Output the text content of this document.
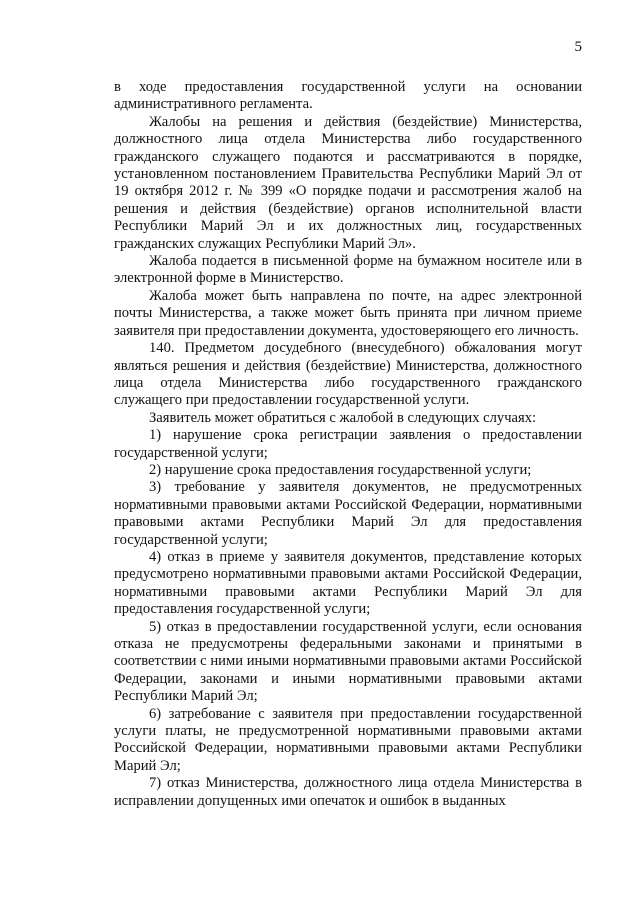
5

в ходе предоставления государственной услуги на основании административного регламента.

Жалобы на решения и действия (бездействие) Министерства, должностного лица отдела Министерства либо государственного гражданского служащего подаются и рассматриваются в порядке, установленном постановлением Правительства Республики Марий Эл от 19 октября 2012 г. № 399 «О порядке подачи и рассмотрения жалоб на решения и действия (бездействие) органов исполнительной власти Республики Марий Эл и их должностных лиц, государственных гражданских служащих Республики Марий Эл».

Жалоба подается в письменной форме на бумажном носителе или в электронной форме в Министерство.

Жалоба может быть направлена по почте, на адрес электронной почты Министерства, а также может быть принята при личном приеме заявителя при предоставлении документа, удостоверяющего его личность.

140. Предметом досудебного (внесудебного) обжалования могут являться решения и действия (бездействие) Министерства, должностного лица отдела Министерства либо государственного гражданского служащего при предоставлении государственной услуги.

Заявитель может обратиться с жалобой в следующих случаях:

1) нарушение срока регистрации заявления о предоставлении государственной услуги;

2) нарушение срока предоставления государственной услуги;

3) требование у заявителя документов, не предусмотренных нормативными правовыми актами Российской Федерации, нормативными правовыми актами Республики Марий Эл для предоставления государственной услуги;

4) отказ в приеме у заявителя документов, представление которых предусмотрено нормативными правовыми актами Российской Федерации, нормативными правовыми актами Республики Марий Эл для предоставления государственной услуги;

5) отказ в предоставлении государственной услуги, если основания отказа не предусмотрены федеральными законами и принятыми в соответствии с ними иными нормативными правовыми актами Российской Федерации, законами и иными нормативными правовыми актами Республики Марий Эл;

6) затребование с заявителя при предоставлении государственной услуги платы, не предусмотренной нормативными правовыми актами Российской Федерации, нормативными правовыми актами Республики Марий Эл;

7) отказ Министерства, должностного лица отдела Министерства в исправлении допущенных ими опечаток и ошибок в выданных
